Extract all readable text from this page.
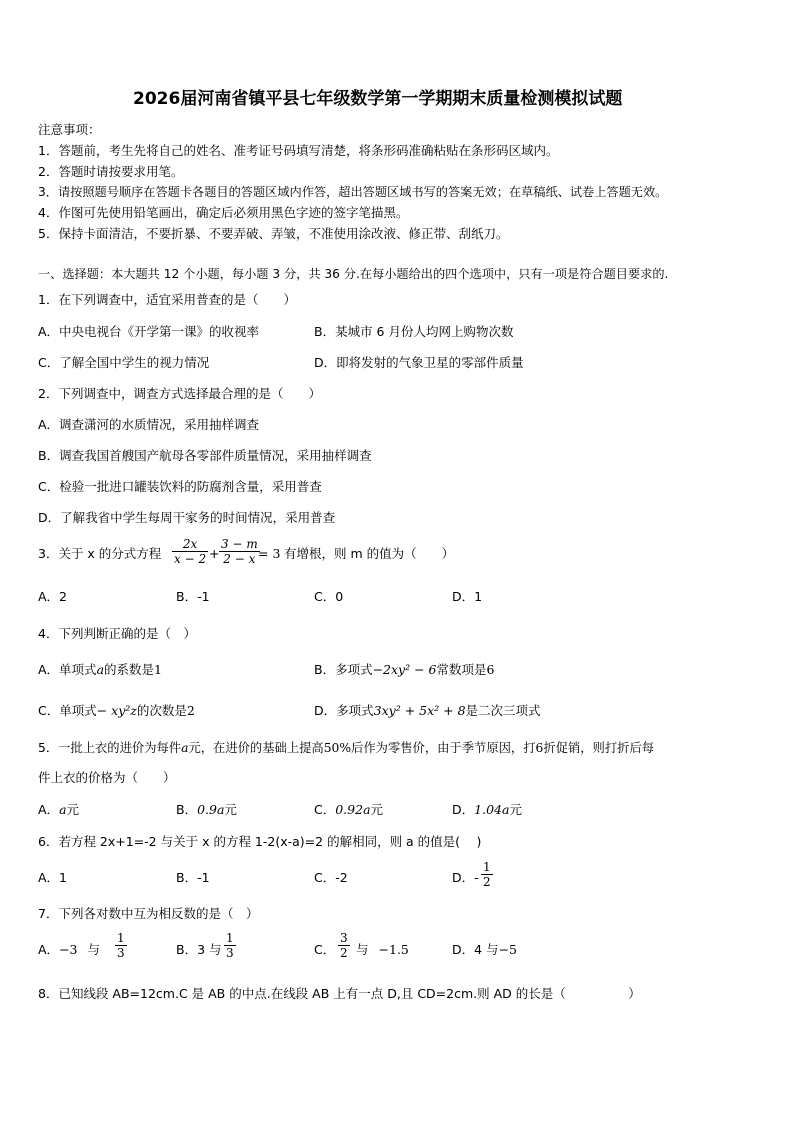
2026届河南省镇平县七年级数学第一学期期末质量检测模拟试题
注意事项：
1．答题前，考生先将自己的姓名、准考证号码填写清楚，将条形码准确粘贴在条形码区域内。
2．答题时请按要求用笔。
3．请按照题号顺序在答题卡各题目的答题区域内作答，超出答题区域书写的答案无效；在草稿纸、试卷上答题无效。
4．作图可先使用铅笔画出，确定后必须用黑色字迹的签字笔描黑。
5．保持卡面清洁，不要折暴、不要弄破、弄皱，不准使用涂改液、修正带、刮纸刀。
一、选择题：本大题共 12 个小题，每小题 3 分，共 36 分.在每小题给出的四个选项中，只有一项是符合题目要求的.
1．在下列调查中，适宜采用普查的是（　　）
A．中央电视台《开学第一课》的收视率	B．某城市 6 月份人均网上购物次数
C．了解全国中学生的视力情况	D．即将发射的气象卫星的零部件质量
2．下列调查中，调查方式选择最合理的是（　　）
A．调查潇河的水质情况，采用抽样调查
B．调查我国首艘国产航母各零部件质量情况，采用抽样调查
C．检验一批进口罐装饮料的防腐剂含量，采用普查
D．了解我省中学生每周干家务的时间情况，采用普查
3．关于 x 的分式方程 $\frac{2x}{x - 2} + \frac{3 - m}{2 - x}$
= 3 有增根，则 m 的值为（　　）
A．2	B．-1	C．0	D．1
4．下列判断正确的是（　）
A．单项式a的系数是1	B．多项式−2xy² − 6常数项是6
C．单项式− xy²z的次数是2	D．多项式3xy² + 5x² + 8是二次三项式
5．一批上衣的进价为每件a元，在进价的基础上提高50%后作为零售价，由于季节原因，打6折促销，则打折后每
件上衣的价格为（　　）
A．a元	B．0.9a元	C．0.92a元	D．1.04a元
6．若方程 2x+1=-2 与关于 x 的方程 1-2(x-a)=2 的解相同，则 a 的值是(　 )
A．1	B．-1	C．-2	D．- $\frac{1}{2}$
7．下列各对数中互为相反数的是（　）
A．−3 与 $\frac{1}{3}$	B．3 与 $\frac{1}{3}$	C． $\frac{3}{2}$ 与 −1.5	D．4 与−5
8．已知线段 AB=12cm.C 是 AB 的中点.在线段 AB 上有一点 D,且 CD=2cm.则 AD 的长是（　　　　　）
